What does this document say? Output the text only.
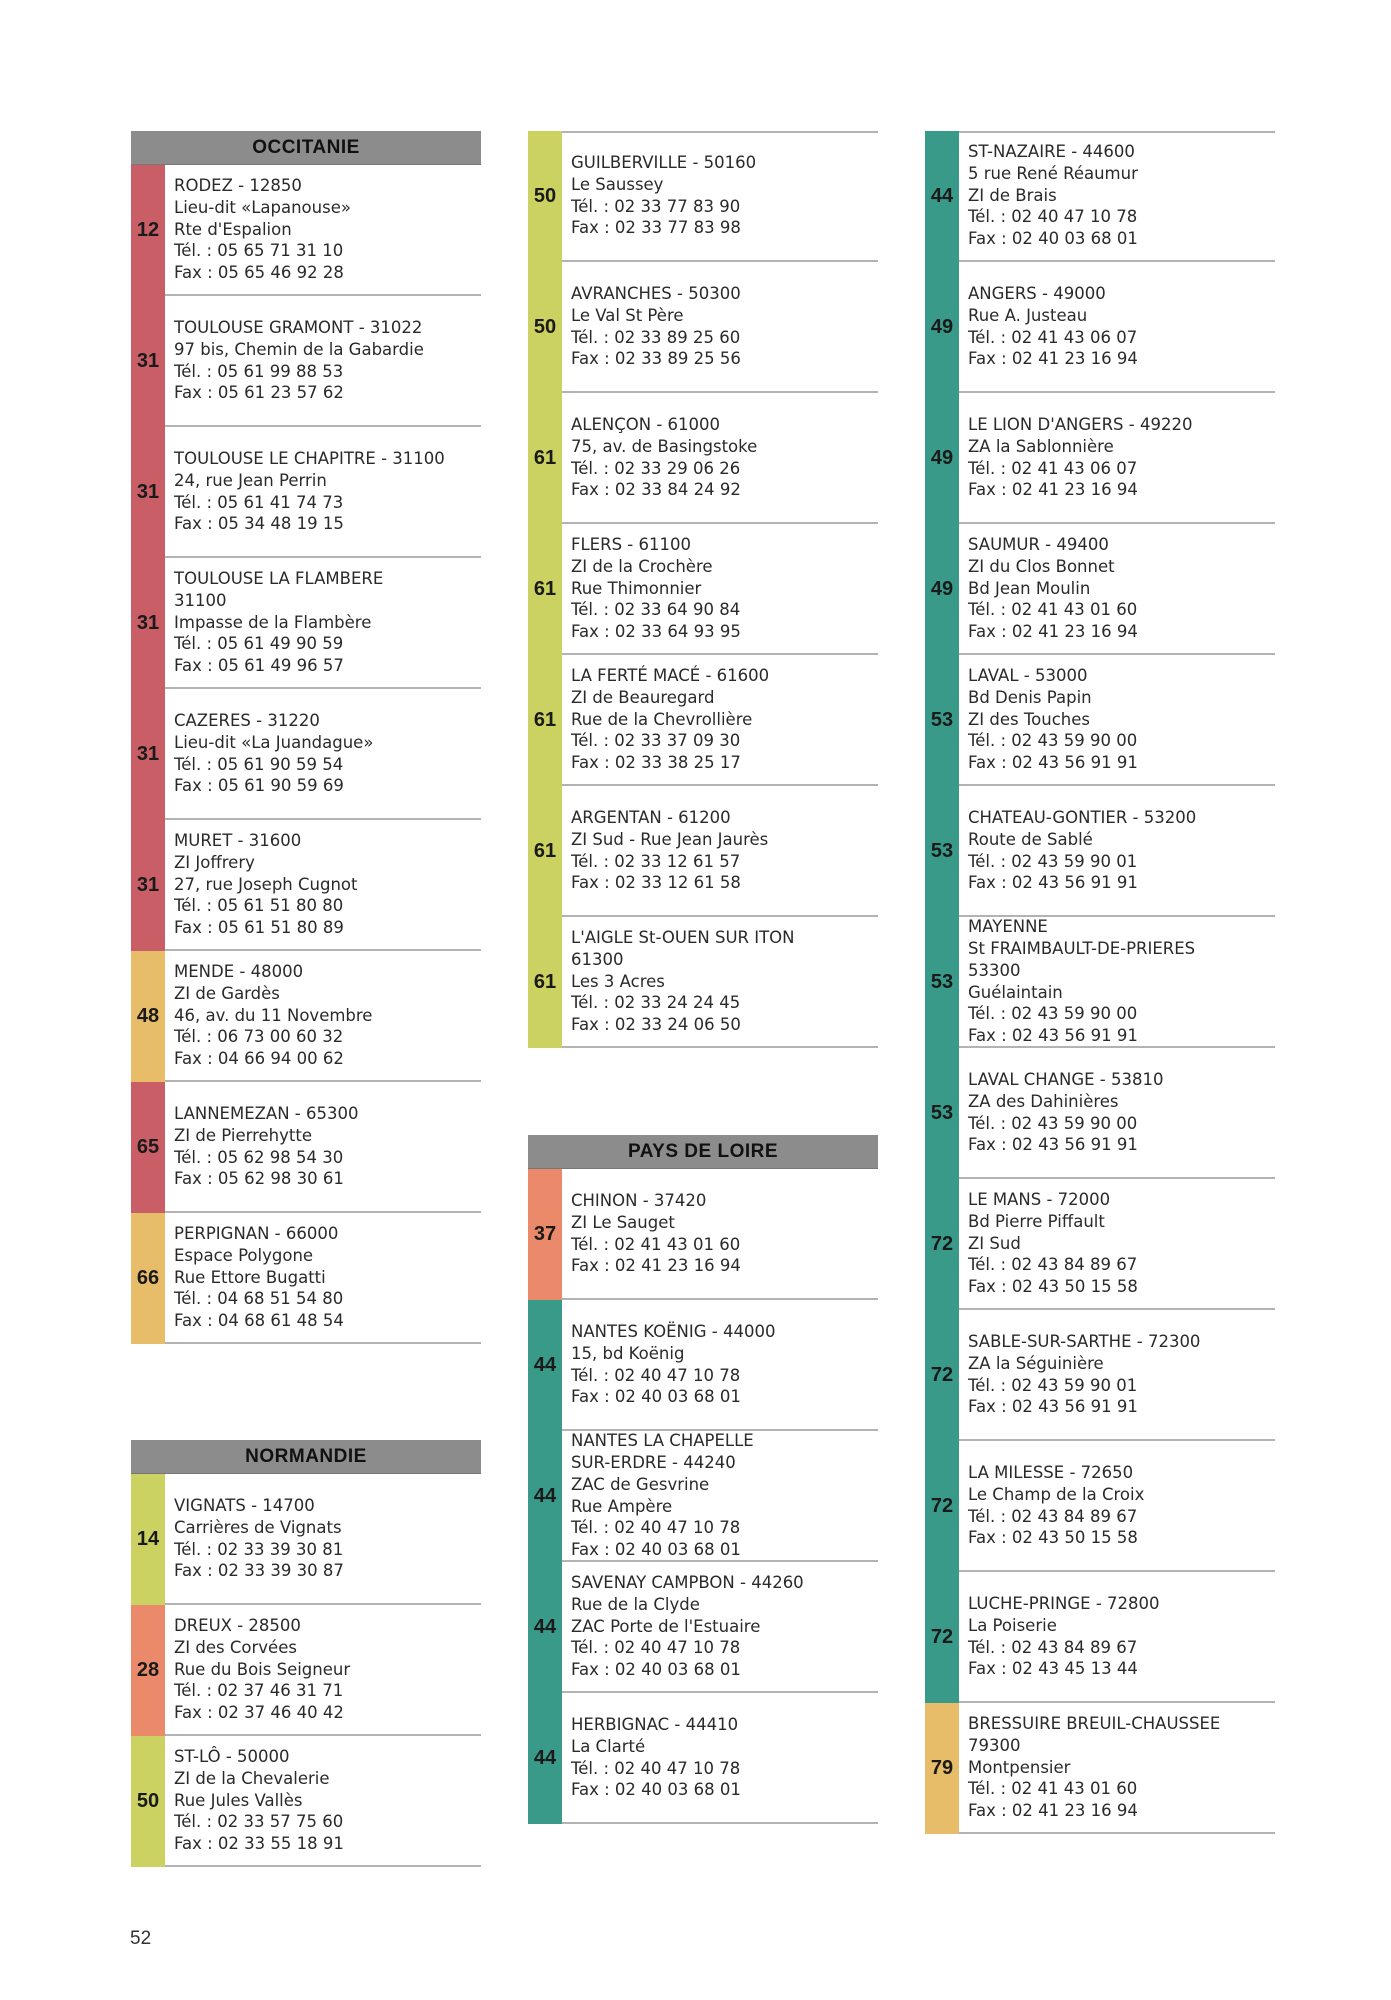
OCCITANIE
12
RODEZ - 12850
Lieu-dit «Lapanouse»
Rte d'Espalion
Tél. : 05 65 71 31 10
Fax : 05 65 46 92 28
31
TOULOUSE GRAMONT - 31022
97 bis, Chemin de la Gabardie
Tél. : 05 61 99 88 53
Fax : 05 61 23 57 62
31
TOULOUSE LE CHAPITRE - 31100
24, rue Jean Perrin
Tél. : 05 61 41 74 73
Fax : 05 34 48 19 15
31
TOULOUSE LA FLAMBERE
31100
Impasse de la Flambère
Tél. : 05 61 49 90 59
Fax : 05 61 49 96 57
31
CAZERES - 31220
Lieu-dit «La Juandague»
Tél. : 05 61 90 59 54
Fax : 05 61 90 59 69
31
MURET - 31600
ZI Joffrery
27, rue Joseph Cugnot
Tél. : 05 61 51 80 80
Fax : 05 61 51 80 89
48
MENDE - 48000
ZI de Gardès
46, av. du 11 Novembre
Tél. : 06 73 00 60 32
Fax : 04 66 94 00 62
65
LANNEMEZAN - 65300
ZI de Pierrehytte
Tél. : 05 62 98 54 30
Fax : 05 62 98 30 61
66
PERPIGNAN - 66000
Espace Polygone
Rue Ettore Bugatti
Tél. : 04 68 51 54 80
Fax : 04 68 61 48 54
NORMANDIE
14
VIGNATS - 14700
Carrières de Vignats
Tél. : 02 33 39 30 81
Fax : 02 33 39 30 87
28
DREUX - 28500
ZI des Corvées
Rue du Bois Seigneur
Tél. : 02 37 46 31 71
Fax : 02 37 46 40 42
50
ST-LÔ - 50000
ZI de la Chevalerie
Rue Jules Vallès
Tél. : 02 33 57 75 60
Fax : 02 33 55 18 91
50
GUILBERVILLE - 50160
Le Saussey
Tél. : 02 33 77 83 90
Fax : 02 33 77 83 98
50
AVRANCHES - 50300
Le Val St Père
Tél. : 02 33 89 25 60
Fax : 02 33 89 25 56
61
ALENÇON - 61000
75, av. de Basingstoke
Tél. : 02 33 29 06 26
Fax : 02 33 84 24 92
61
FLERS - 61100
ZI de la Crochère
Rue Thimonnier
Tél. : 02 33 64 90 84
Fax : 02 33 64 93 95
61
LA FERTÉ MACÉ - 61600
ZI de Beauregard
Rue de la Chevrollière
Tél. : 02 33 37 09 30
Fax : 02 33 38 25 17
61
ARGENTAN - 61200
ZI Sud - Rue Jean Jaurès
Tél. : 02 33 12 61 57
Fax : 02 33 12 61 58
61
L'AIGLE St-OUEN SUR ITON
61300
Les 3 Acres
Tél. : 02 33 24 24 45
Fax : 02 33 24 06 50
PAYS DE LOIRE
37
CHINON - 37420
ZI Le Sauget
Tél. : 02 41 43 01 60
Fax : 02 41 23 16 94
44
NANTES KOËNIG - 44000
15, bd Koënig
Tél. : 02 40 47 10 78
Fax : 02 40 03 68 01
44
NANTES LA CHAPELLE
SUR-ERDRE - 44240
ZAC de Gesvrine
Rue Ampère
Tél. : 02 40 47 10 78
Fax : 02 40 03 68 01
44
SAVENAY CAMPBON - 44260
Rue de la Clyde
ZAC Porte de l'Estuaire
Tél. : 02 40 47 10 78
Fax : 02 40 03 68 01
44
HERBIGNAC - 44410
La Clarté
Tél. : 02 40 47 10 78
Fax : 02 40 03 68 01
44
ST-NAZAIRE - 44600
5 rue René Réaumur
ZI de Brais
Tél. : 02 40 47 10 78
Fax : 02 40 03 68 01
49
ANGERS - 49000
Rue A. Justeau
Tél. : 02 41 43 06 07
Fax : 02 41 23 16 94
49
LE LION D'ANGERS - 49220
ZA la Sablonnière
Tél. : 02 41 43 06 07
Fax : 02 41 23 16 94
49
SAUMUR - 49400
ZI du Clos Bonnet
Bd Jean Moulin
Tél. : 02 41 43 01 60
Fax : 02 41 23 16 94
53
LAVAL - 53000
Bd Denis Papin
ZI des Touches
Tél. : 02 43 59 90 00
Fax : 02 43 56 91 91
53
CHATEAU-GONTIER - 53200
Route de Sablé
Tél. : 02 43 59 90 01
Fax : 02 43 56 91 91
53
MAYENNE
St FRAIMBAULT-DE-PRIERES
53300
Guélaintain
Tél. : 02 43 59 90 00
Fax : 02 43 56 91 91
53
LAVAL CHANGE - 53810
ZA des Dahinières
Tél. : 02 43 59 90 00
Fax : 02 43 56 91 91
72
LE MANS - 72000
Bd Pierre Piffault
ZI Sud
Tél. : 02 43 84 89 67
Fax : 02 43 50 15 58
72
SABLE-SUR-SARTHE - 72300
ZA la Séguinière
Tél. : 02 43 59 90 01
Fax : 02 43 56 91 91
72
LA MILESSE - 72650
Le Champ de la Croix
Tél. : 02 43 84 89 67
Fax : 02 43 50 15 58
72
LUCHE-PRINGE - 72800
La Poiserie
Tél. : 02 43 84 89 67
Fax : 02 43 45 13 44
79
BRESSUIRE BREUIL-CHAUSSEE
79300
Montpensier
Tél. : 02 41 43 01 60
Fax : 02 41 23 16 94
52
